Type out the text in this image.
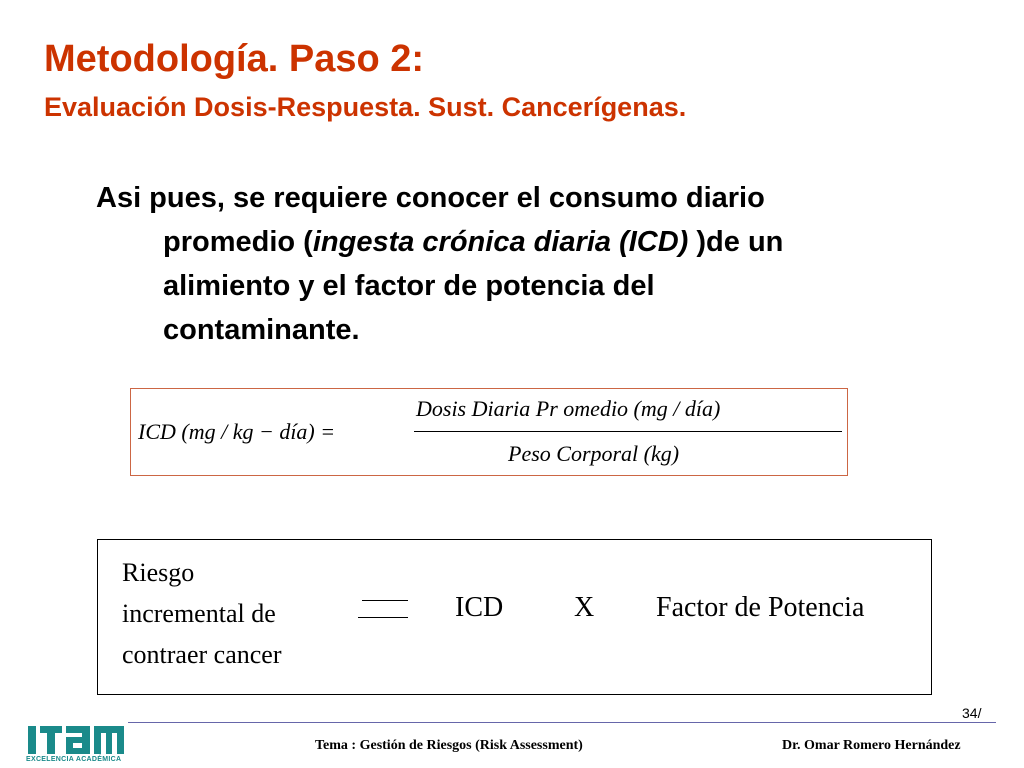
Metodología. Paso 2:
Evaluación Dosis-Respuesta. Sust. Cancerígenas.
Asi pues, se requiere conocer el consumo diario
promedio (ingesta crónica diaria (ICD) )de un
alimiento y el factor de potencia del
contaminante.
ICD (mg / kg − día) =
Dosis Diaria Pr omedio (mg / día)
Peso Corporal (kg)
Riesgo
incremental de
contraer cancer
ICD	X Factor de Potencia
34/
Tema : Gestión de Riesgos (Risk Assessment)	Dr. Omar Romero Hernández
EXCELENCIA ACADÉMICA
